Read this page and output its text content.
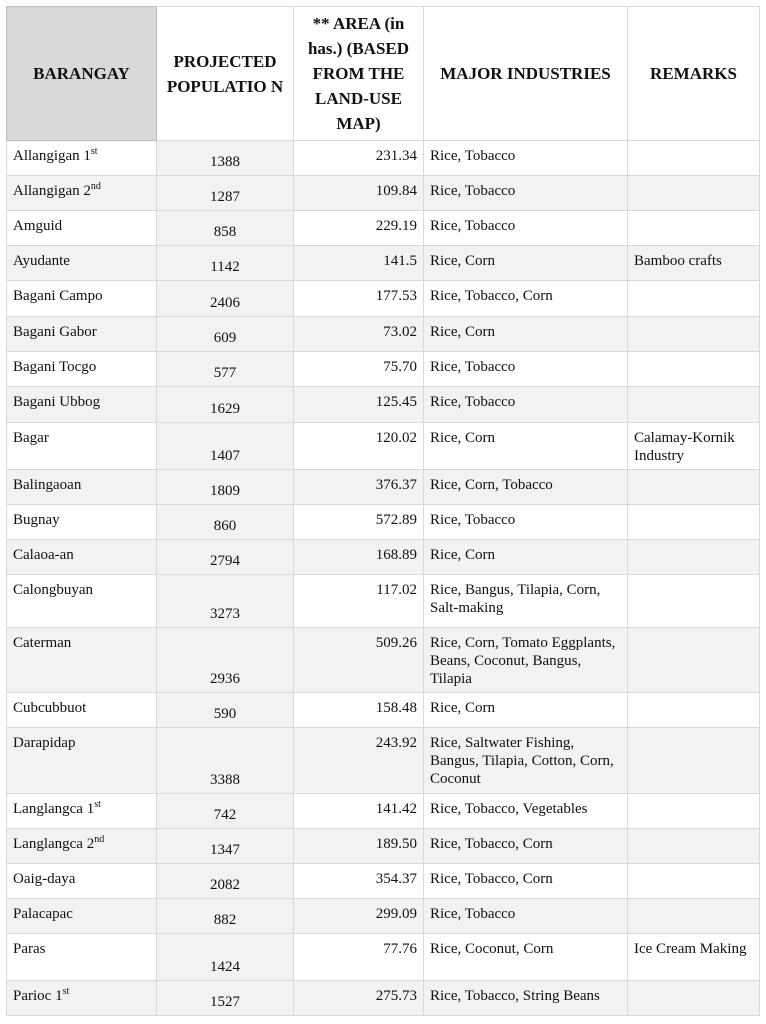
BARANGAY	PROJECTED POPULATIO N	** AREA (in has.) (BASED FROM THE LAND-USE MAP)	MAJOR INDUSTRIES	REMARKS
Allangigan 1st	1388	231.34	Rice, Tobacco	
Allangigan 2nd	1287	109.84	Rice, Tobacco	
Amguid	858	229.19	Rice, Tobacco	
Ayudante	1142	141.5	Rice, Corn	Bamboo crafts
Bagani Campo	2406	177.53	Rice, Tobacco, Corn	
Bagani Gabor	609	73.02	Rice, Corn	
Bagani Tocgo	577	75.70	Rice, Tobacco	
Bagani Ubbog	1629	125.45	Rice, Tobacco	
Bagar	1407	120.02	Rice, Corn	Calamay-Kornik Industry
Balingaoan	1809	376.37	Rice, Corn, Tobacco	
Bugnay	860	572.89	Rice, Tobacco	
Calaoa-an	2794	168.89	Rice, Corn	
Calongbuyan	3273	117.02	Rice, Bangus, Tilapia, Corn, Salt-making	
Caterman	2936	509.26	Rice, Corn, Tomato Eggplants, Beans, Coconut, Bangus, Tilapia	
Cubcubbuot	590	158.48	Rice, Corn	
Darapidap	3388	243.92	Rice, Saltwater Fishing, Bangus, Tilapia, Cotton, Corn, Coconut	
Langlangca 1st	742	141.42	Rice, Tobacco, Vegetables	
Langlangca 2nd	1347	189.50	Rice, Tobacco, Corn	
Oaig-daya	2082	354.37	Rice, Tobacco, Corn	
Palacapac	882	299.09	Rice, Tobacco	
Paras	1424	77.76	Rice, Coconut, Corn	Ice Cream Making
Parioc 1st	1527	275.73	Rice, Tobacco, String Beans	
